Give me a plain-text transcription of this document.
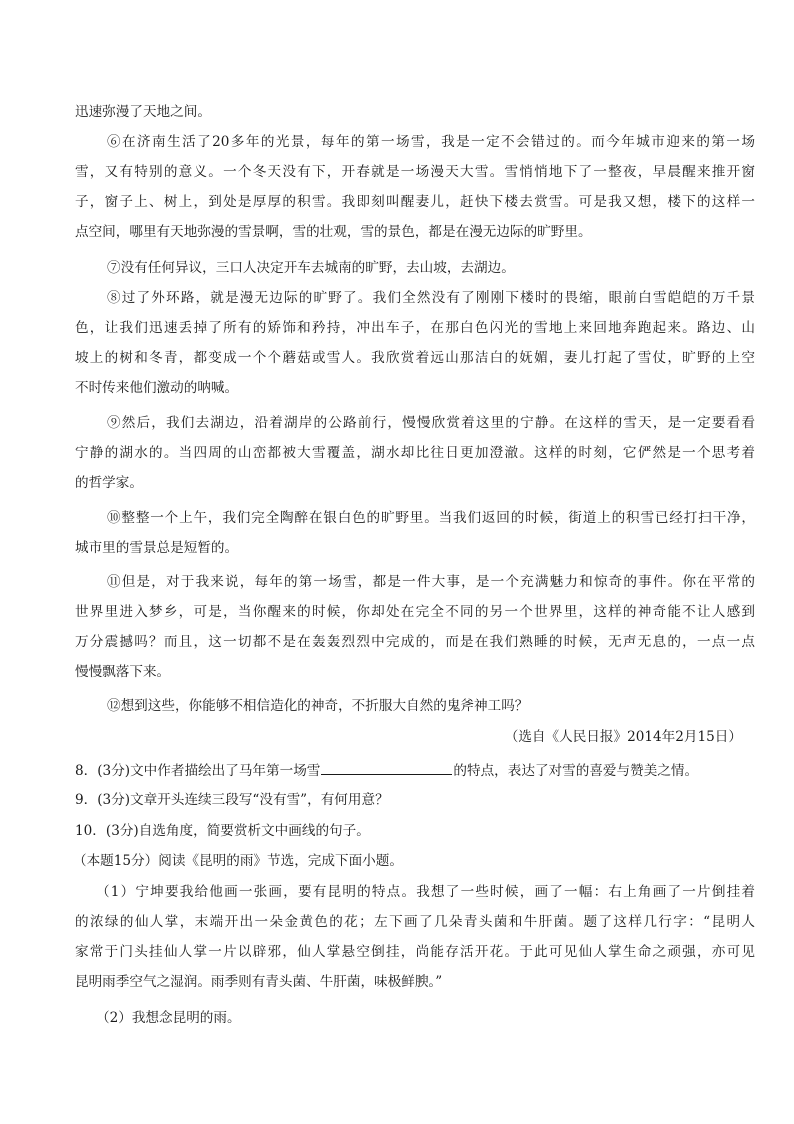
迅速弥漫了天地之间。
⑥在济南生活了20多年的光景，每年的第一场雪，我是一定不会错过的。而今年城市迎来的第一场
雪，又有特别的意义。一个冬天没有下，开春就是一场漫天大雪。雪悄悄地下了一整夜，早晨醒来推开窗
子，窗子上、树上，到处是厚厚的积雪。我即刻叫醒妻儿，赶快下楼去赏雪。可是我又想，楼下的这样一
点空间，哪里有天地弥漫的雪景啊，雪的壮观，雪的景色，都是在漫无边际的旷野里。
⑦没有任何异议，三口人决定开车去城南的旷野，去山坡，去湖边。
⑧过了外环路，就是漫无边际的旷野了。我们全然没有了刚刚下楼时的畏缩，眼前白雪皑皑的万千景
色，让我们迅速丢掉了所有的矫饰和矜持，冲出车子，在那白色闪光的雪地上来回地奔跑起来。路边、山
坡上的树和冬青，都变成一个个蘑菇或雪人。我欣赏着远山那洁白的妩媚，妻儿打起了雪仗，旷野的上空
不时传来他们激动的呐喊。
⑨然后，我们去湖边，沿着湖岸的公路前行，慢慢欣赏着这里的宁静。在这样的雪天，是一定要看看
宁静的湖水的。当四周的山峦都被大雪覆盖，湖水却比往日更加澄澈。这样的时刻，它俨然是一个思考着
的哲学家。
⑩整整一个上午，我们完全陶醉在银白色的旷野里。当我们返回的时候，街道上的积雪已经打扫干净，
城市里的雪景总是短暂的。
⑪但是，对于我来说，每年的第一场雪，都是一件大事，是一个充满魅力和惊奇的事件。你在平常的
世界里进入梦乡，可是，当你醒来的时候，你却处在完全不同的另一个世界里，这样的神奇能不让人感到
万分震撼吗？而且，这一切都不是在轰轰烈烈中完成的，而是在我们熟睡的时候，无声无息的，一点一点
慢慢飘落下来。
⑫想到这些，你能够不相信造化的神奇，不折服大自然的鬼斧神工吗？
（选自《人民日报》2014年2月15日）
8．(3分)文中作者描绘出了马年第一场雪	的特点，表达了对雪的喜爱与赞美之情。
9．(3分)文章开头连续三段写“没有雪”，有何用意？
10．(3分)自选角度，简要赏析文中画线的句子。
（本题15分）阅读《昆明的雨》节选，完成下面小题。
（1）宁坤要我给他画一张画，要有昆明的特点。我想了一些时候，画了一幅：右上角画了一片倒挂着
的浓绿的仙人掌，末端开出一朵金黄色的花；左下画了几朵青头菌和牛肝菌。题了这样几行字：“昆明人
家常于门头挂仙人掌一片以辟邪，仙人掌悬空倒挂，尚能存活开花。于此可见仙人掌生命之顽强，亦可见
昆明雨季空气之湿润。雨季则有青头菌、牛肝菌，味极鲜腴。”
（2）我想念昆明的雨。
